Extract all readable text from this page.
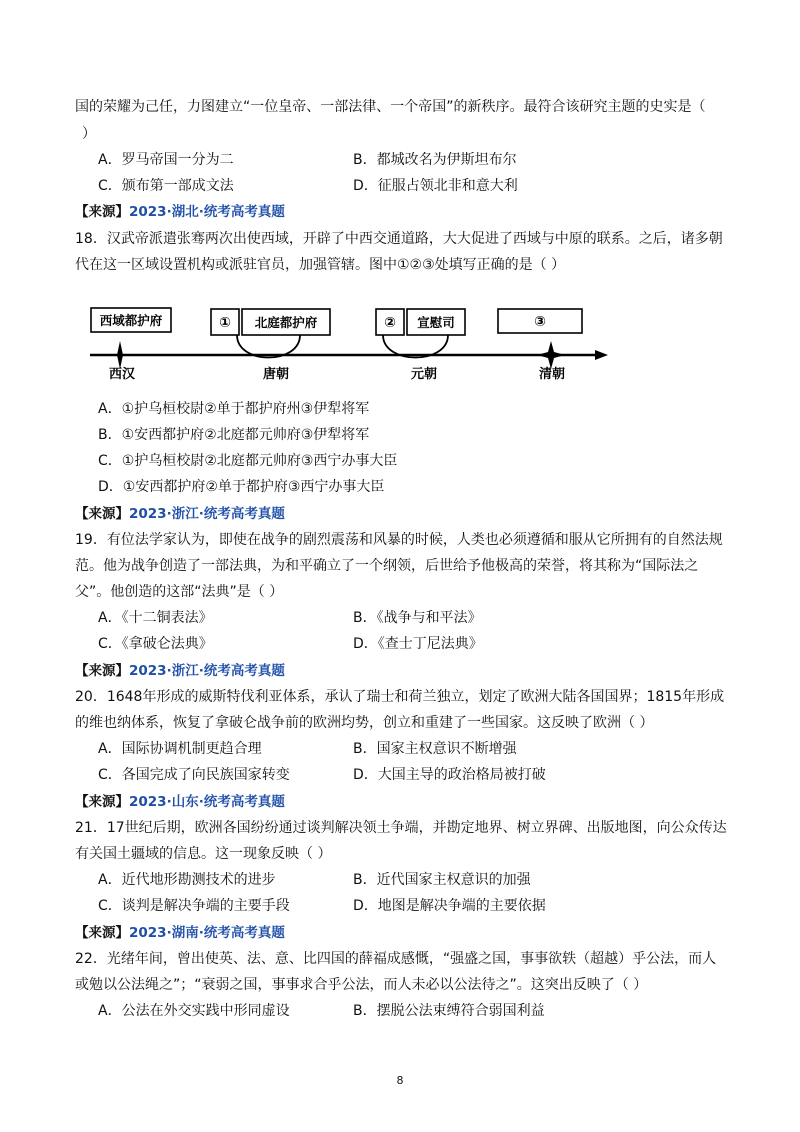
国的荣耀为己任，力图建立“一位皇帝、一部法律、一个帝国”的新秩序。最符合该研究主题的史实是（
）
A．罗马帝国一分为二	B．都城改名为伊斯坦布尔
C．颁布第一部成文法	D．征服占领北非和意大利
【来源】2023·湖北·统考高考真题
18．汉武帝派遣张骞两次出使西域，开辟了中西交通道路，大大促进了西域与中原的联系。之后，诸多朝
代在这一区域设置机构或派驻官员，加强管辖。图中①②③处填写正确的是（ ）
西域都护府	① 北庭都护府	② 宣慰司	③
西汉	唐朝	元朝	清朝
A．①护乌桓校尉②单于都护府州③伊犁将军
B．①安西都护府②北庭都元帅府③伊犁将军
C．①护乌桓校尉②北庭都元帅府③西宁办事大臣
D．①安西都护府②单于都护府③西宁办事大臣
【来源】2023·浙江·统考高考真题
19．有位法学家认为，即使在战争的剧烈震荡和风暴的时候，人类也必须遵循和服从它所拥有的自然法规
范。他为战争创造了一部法典，为和平确立了一个纲领，后世给予他极高的荣誉，将其称为“国际法之
父”。他创造的这部“法典”是（ ）
A．《十二铜表法》	B．《战争与和平法》
C．《拿破仑法典》	D．《查士丁尼法典》
【来源】2023·浙江·统考高考真题
20．1648年形成的威斯特伐利亚体系，承认了瑞士和荷兰独立，划定了欧洲大陆各国国界；1815年形成
的维也纳体系，恢复了拿破仑战争前的欧洲均势，创立和重建了一些国家。这反映了欧洲（ ）
A．国际协调机制更趋合理	B．国家主权意识不断增强
C．各国完成了向民族国家转变	D．大国主导的政治格局被打破
【来源】2023·山东·统考高考真题
21．17世纪后期，欧洲各国纷纷通过谈判解决领土争端，并勘定地界、树立界碑、出版地图，向公众传达
有关国土疆域的信息。这一现象反映（ ）
A．近代地形勘测技术的进步	B．近代国家主权意识的加强
C．谈判是解决争端的主要手段	D．地图是解决争端的主要依据
【来源】2023·湖南·统考高考真题
22．光绪年间，曾出使英、法、意、比四国的薛福成感慨，“强盛之国，事事欲轶（超越）乎公法，而人
或勉以公法绳之”；“衰弱之国，事事求合乎公法，而人未必以公法待之”。这突出反映了（ ）
A．公法在外交实践中形同虚设	B．摆脱公法束缚符合弱国利益
8
